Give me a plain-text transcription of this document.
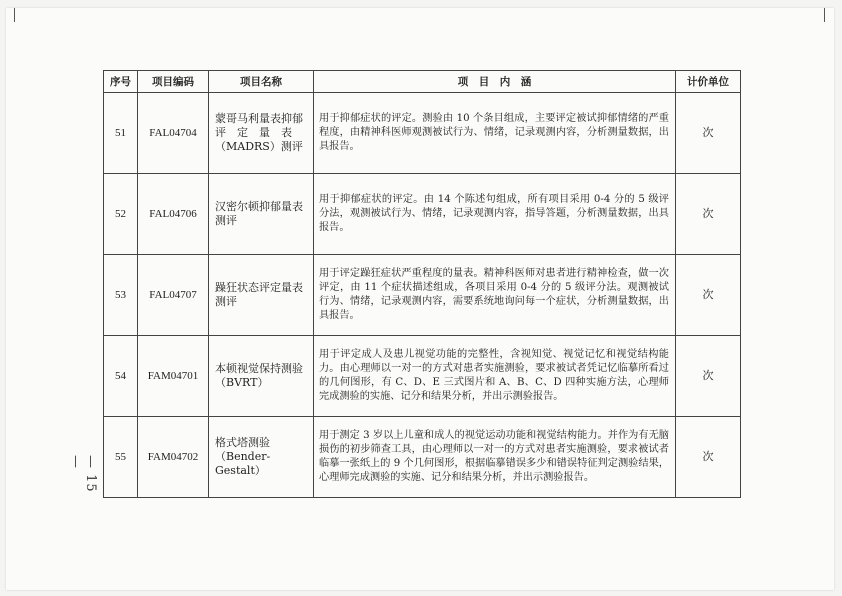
— 15 —
序号	项目编码	项目名称	项　目　内　涵	计价单位
51	FAL04704	蒙哥马利量表抑郁评　定　量　表（MADRS）测评	用于抑郁症状的评定。测验由 10 个条目组成，主要评定被试抑郁情绪的严重程度，由精神科医师观测被试行为、情绪，记录观测内容，分析测量数据，出具报告。	次
52	FAL04706	汉密尔顿抑郁量表测评	用于抑郁症状的评定。由 14 个陈述句组成，所有项目采用 0-4 分的 5 级评分法，观测被试行为、情绪，记录观测内容，指导答题，分析测量数据，出具报告。	次
53	FAL04707	躁狂状态评定量表测评	用于评定躁狂症状严重程度的量表。精神科医师对患者进行精神检查，做一次评定，由 11 个症状描述组成，各项目采用 0-4 分的 5 级评分法。观测被试行为、情绪，记录观测内容，需要系统地询问每一个症状，分析测量数据，出具报告。	次
54	FAM04701	本顿视觉保持测验（BVRT）	用于评定成人及患儿视觉功能的完整性，含视知觉、视觉记忆和视觉结构能力。由心理师以一对一的方式对患者实施测验，要求被试者凭记忆临摹所看过的几何图形，有 C、D、E 三式图片和 A、B、C、D 四种实施方法，心理师完成测验的实施、记分和结果分析，并出示测验报告。	次
55	FAM04702	格式塔测验（Bender-Gestalt）	用于测定 3 岁以上儿童和成人的视觉运动功能和视觉结构能力。并作为有无脑损伤的初步筛查工具，由心理师以一对一的方式对患者实施测验，要求被试者临摹一张纸上的 9 个几何图形，根据临摹错误多少和错误特征判定测验结果，心理师完成测验的实施、记分和结果分析，并出示测验报告。	次
